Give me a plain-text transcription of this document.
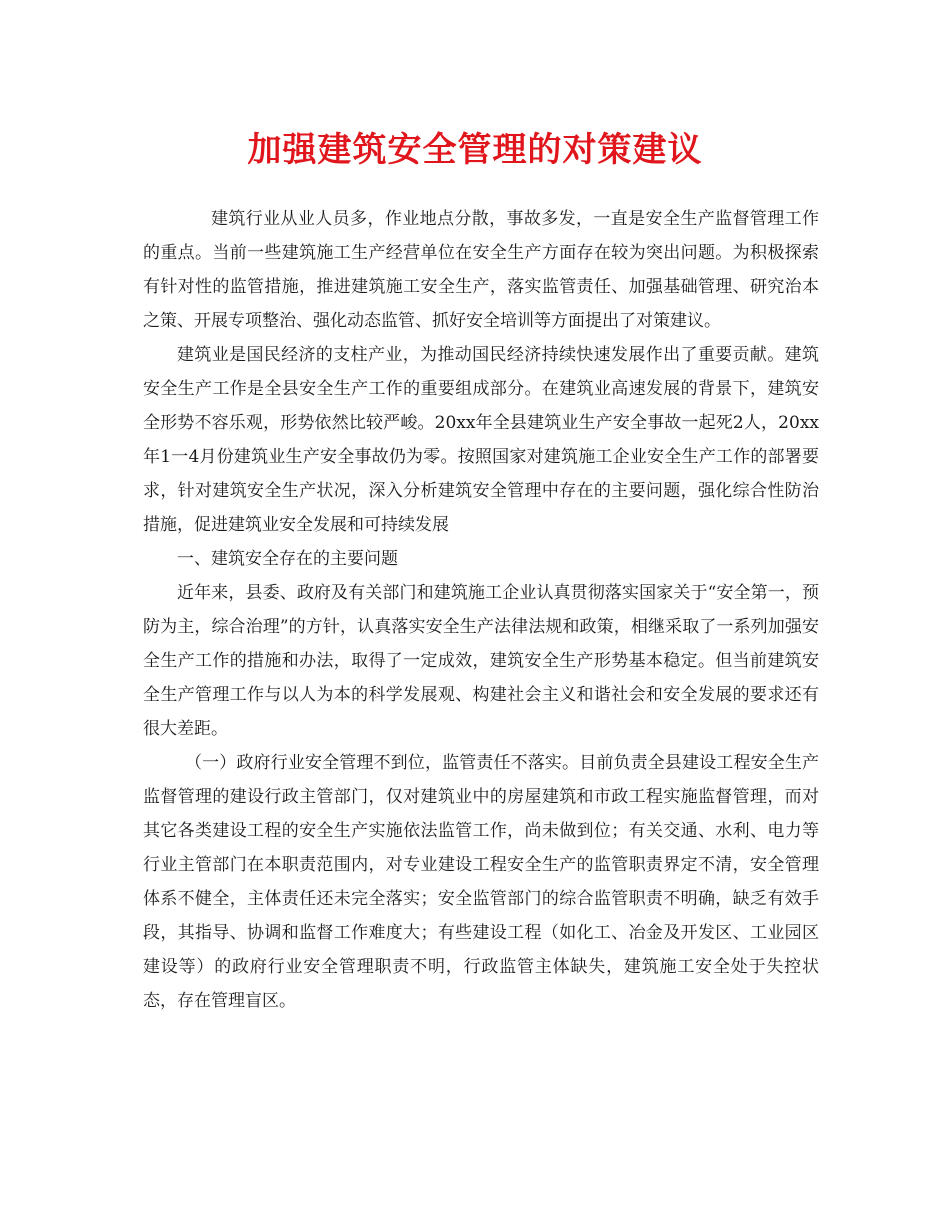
加强建筑安全管理的对策建议

建筑行业从业人员多，作业地点分散，事故多发，一直是安全生产监督管理工作的重点。当前一些建筑施工生产经营单位在安全生产方面存在较为突出问题。为积极探索有针对性的监管措施，推进建筑施工安全生产，落实监管责任、加强基础管理、研究治本之策、开展专项整治、强化动态监管、抓好安全培训等方面提出了对策建议。

建筑业是国民经济的支柱产业，为推动国民经济持续快速发展作出了重要贡献。建筑安全生产工作是全县安全生产工作的重要组成部分。在建筑业高速发展的背景下，建筑安全形势不容乐观，形势依然比较严峻。20xx年全县建筑业生产安全事故一起死2人，20xx年1一4月份建筑业生产安全事故仍为零。按照国家对建筑施工企业安全生产工作的部署要求，针对建筑安全生产状况，深入分析建筑安全管理中存在的主要问题，强化综合性防治措施，促进建筑业安全发展和可持续发展

一、建筑安全存在的主要问题

近年来，县委、政府及有关部门和建筑施工企业认真贯彻落实国家关于“安全第一，预防为主，综合治理”的方针，认真落实安全生产法律法规和政策，相继采取了一系列加强安全生产工作的措施和办法，取得了一定成效，建筑安全生产形势基本稳定。但当前建筑安全生产管理工作与以人为本的科学发展观、构建社会主义和谐社会和安全发展的要求还有很大差距。

（一）政府行业安全管理不到位，监管责任不落实。目前负责全县建设工程安全生产监督管理的建设行政主管部门，仅对建筑业中的房屋建筑和市政工程实施监督管理，而对其它各类建设工程的安全生产实施依法监管工作，尚未做到位；有关交通、水利、电力等行业主管部门在本职责范围内，对专业建设工程安全生产的监管职责界定不清，安全管理体系不健全，主体责任还未完全落实；安全监管部门的综合监管职责不明确，缺乏有效手段，其指导、协调和监督工作难度大；有些建设工程（如化工、冶金及开发区、工业园区建设等）的政府行业安全管理职责不明，行政监管主体缺失，建筑施工安全处于失控状态，存在管理盲区。
